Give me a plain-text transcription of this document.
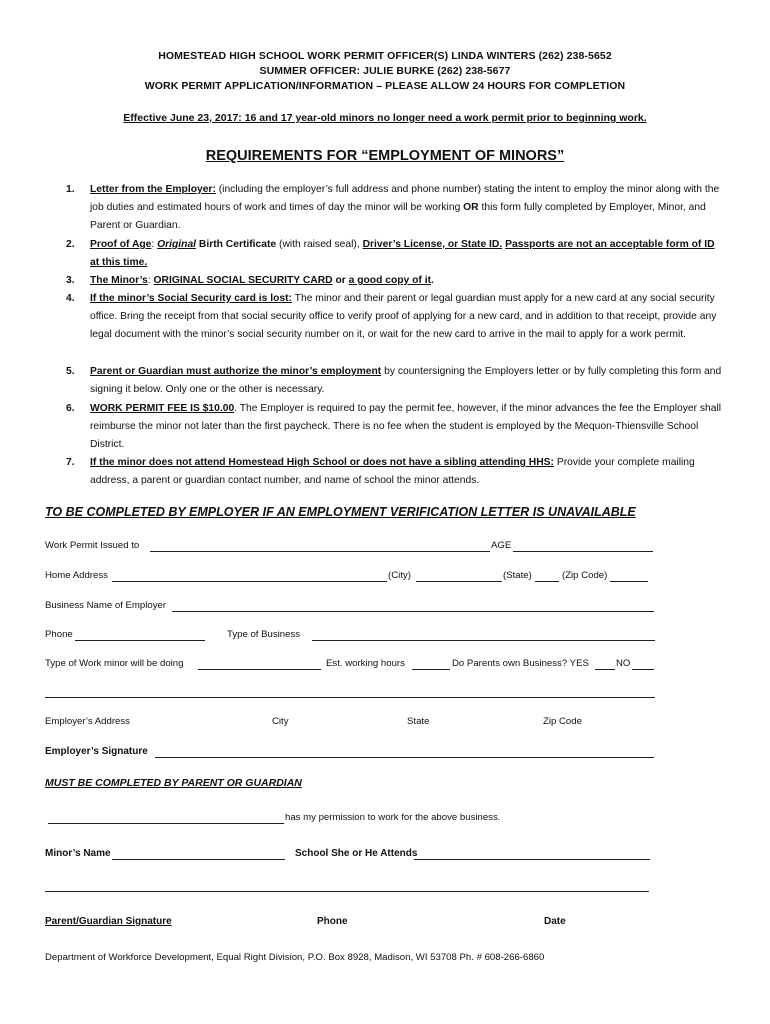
HOMESTEAD HIGH SCHOOL WORK PERMIT OFFICER(S) LINDA WINTERS (262) 238-5652
SUMMER OFFICER: JULIE BURKE (262) 238-5677
WORK PERMIT APPLICATION/INFORMATION – PLEASE ALLOW 24 HOURS FOR COMPLETION
Effective June 23, 2017: 16 and 17 year-old minors no longer need a work permit prior to beginning work.
REQUIREMENTS FOR “EMPLOYMENT OF MINORS”
1.	Letter from the Employer: (including the employer’s full address and phone number) stating the intent to employ the minor along with the job duties and estimated hours of work and times of day the minor will be working OR this form fully completed by Employer, Minor, and Parent or Guardian.
2.	Proof of Age: Original Birth Certificate (with raised seal), Driver’s License, or State ID. Passports are not an acceptable form of ID at this time.
3.	The Minor’s: ORIGINAL SOCIAL SECURITY CARD or a good copy of it.
4.	If the minor’s Social Security card is lost: The minor and their parent or legal guardian must apply for a new card at any social security office. Bring the receipt from that social security office to verify proof of applying for a new card, and in addition to that receipt, provide any legal document with the minor’s social security number on it, or wait for the new card to arrive in the mail to apply for a work permit.
5.	Parent or Guardian must authorize the minor’s employment by countersigning the Employers letter or by fully completing this form and signing it below. Only one or the other is necessary.
6.	WORK PERMIT FEE IS $10.00. The Employer is required to pay the permit fee, however, if the minor advances the fee the Employer shall reimburse the minor not later than the first paycheck. There is no fee when the student is employed by the Mequon-Thiensville School District.
7.	If the minor does not attend Homestead High School or does not have a sibling attending HHS: Provide your complete mailing address, a parent or guardian contact number, and name of school the minor attends.
TO BE COMPLETED BY EMPLOYER IF AN EMPLOYMENT VERIFICATION LETTER IS UNAVAILABLE
Work Permit Issued to	AGE
Home Address	(City)	(State)	(Zip Code)
Business Name of Employer
Phone	Type of Business
Type of Work minor will be doing	Est. working hours	Do Parents own Business? YES	NO
Employer’s Address	City	State	Zip Code
Employer’s Signature
MUST BE COMPLETED BY PARENT OR GUARDIAN
has my permission to work for the above business.
Minor’s Name	School She or He Attends
Parent/Guardian Signature	Phone	Date
Department of Workforce Development, Equal Right Division, P.O. Box 8928, Madison, WI 53708 Ph. # 608-266-6860
